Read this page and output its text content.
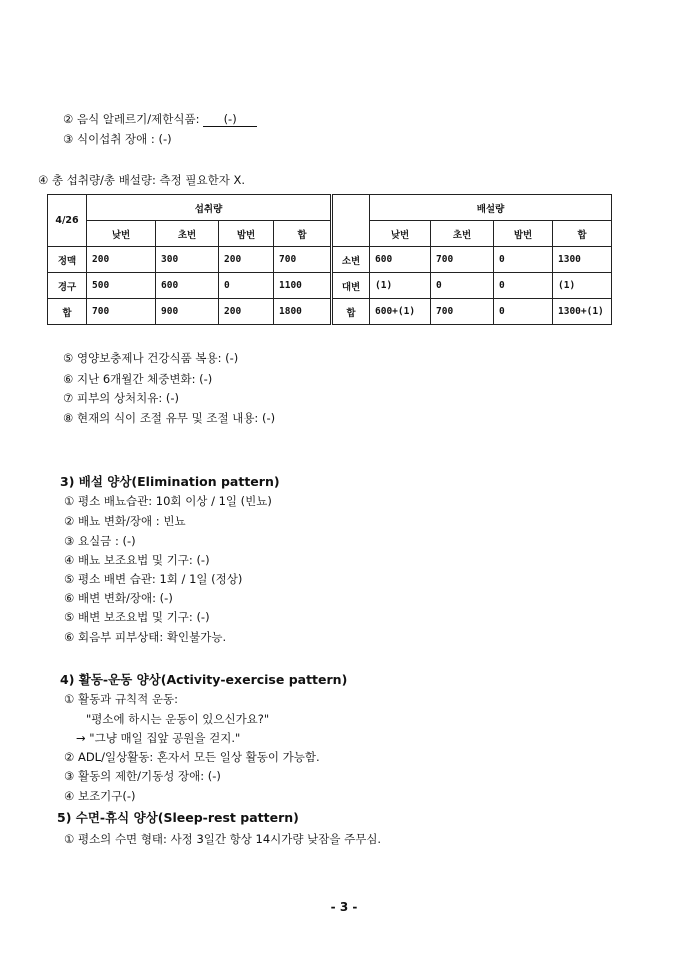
② 음식 알레르기/제한식품: (-)
③ 식이섭취 장애 : (-)
④ 총 섭취량/총 배설량: 측정 필요한자 X.
4/26	섭취량					배설량			
	낮번	초번	밤번	합		낮번	초번	밤번	합
정맥	200	300	200	700	소변	600	700	0	1300
경구	500	600	0	1100	대변	(1)	0	0	(1)
합	700	900	200	1800	합	600+(1)	700	0	1300+(1)
⑤ 영양보충제나 건강식품 복용: (-)
⑥ 지난 6개월간 체중변화: (-)
⑦ 피부의 상처치유: (-)
⑧ 현재의 식이 조절 유무 및 조절 내용: (-)
3) 배설 양상(Elimination pattern)
① 평소 배뇨습관: 10회 이상 / 1일 (빈뇨)
② 배뇨 변화/장애 : 빈뇨
③ 요실금 : (-)
④ 배뇨 보조요법 및 기구: (-)
⑤ 평소 배변 습관: 1회 / 1일 (정상)
⑥ 배변 변화/장애: (-)
⑤ 배변 보조요법 및 기구: (-)
⑥ 회음부 피부상태: 확인불가능.
4) 활동-운동 양상(Activity-exercise pattern)
① 활동과 규칙적 운동:
"평소에 하시는 운동이 있으신가요?"
→ "그냥 매일 집앞 공원을 걷지."
② ADL/일상활동: 혼자서 모든 일상 활동이 가능함.
③ 활동의 제한/기동성 장애: (-)
④ 보조기구(-)
5) 수면-휴식 양상(Sleep-rest pattern)
① 평소의 수면 형태: 사정 3일간 항상 14시가량 낮잠을 주무심.
- 3 -
